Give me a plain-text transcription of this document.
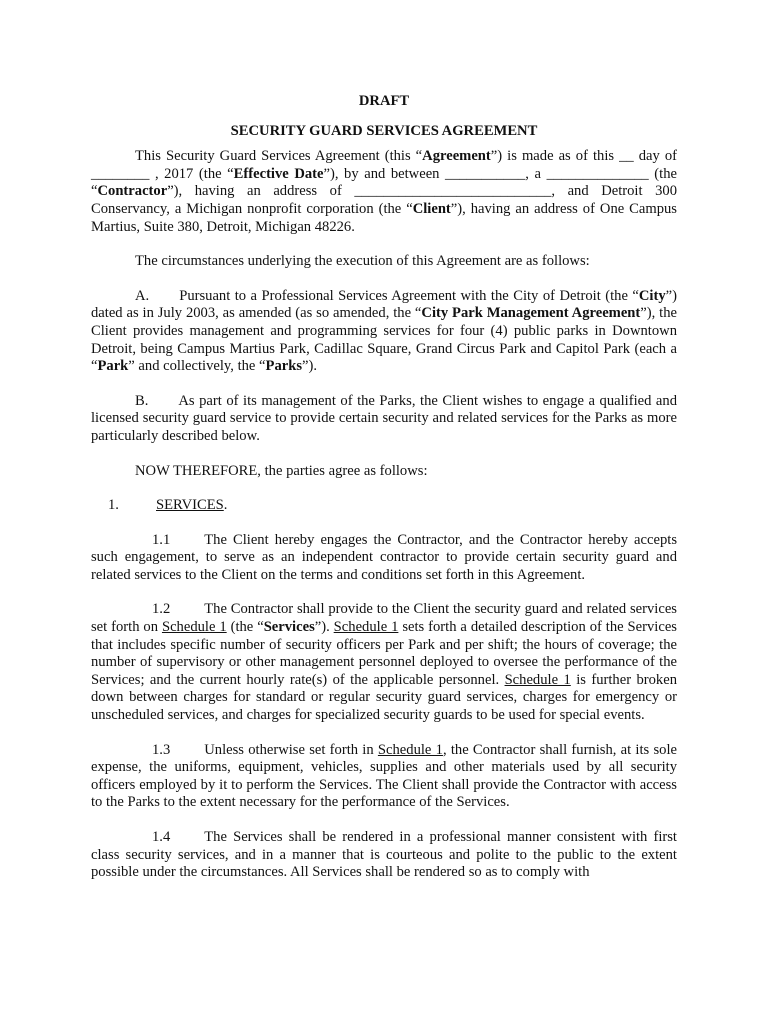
DRAFT
SECURITY GUARD SERVICES AGREEMENT

This Security Guard Services Agreement (this “Agreement”) is made as of this __ day of ________ , 2017 (the “Effective Date”), by and between ___________, a ______________ (the “Contractor”), having an address of ___________________________, and Detroit 300 Conservancy, a Michigan nonprofit corporation (the “Client”), having an address of One Campus Martius, Suite 380, Detroit, Michigan 48226.

The circumstances underlying the execution of this Agreement are as follows:

A. Pursuant to a Professional Services Agreement with the City of Detroit (the “City”) dated as in July 2003, as amended (as so amended, the “City Park Management Agreement”), the Client provides management and programming services for four (4) public parks in Downtown Detroit, being Campus Martius Park, Cadillac Square, Grand Circus Park and Capitol Park (each a “Park” and collectively, the “Parks”).

B. As part of its management of the Parks, the Client wishes to engage a qualified and licensed security guard service to provide certain security and related services for the Parks as more particularly described below.

NOW THEREFORE, the parties agree as follows:

1.	SERVICES.

1.1 The Client hereby engages the Contractor, and the Contractor hereby accepts such engagement, to serve as an independent contractor to provide certain security guard and related services to the Client on the terms and conditions set forth in this Agreement.

1.2 The Contractor shall provide to the Client the security guard and related services set forth on Schedule 1 (the “Services”). Schedule 1 sets forth a detailed description of the Services that includes specific number of security officers per Park and per shift; the hours of coverage; the number of supervisory or other management personnel deployed to oversee the performance of the Services; and the current hourly rate(s) of the applicable personnel. Schedule 1 is further broken down between charges for standard or regular security guard services, charges for emergency or unscheduled services, and charges for specialized security guards to be used for special events.

1.3 Unless otherwise set forth in Schedule 1, the Contractor shall furnish, at its sole expense, the uniforms, equipment, vehicles, supplies and other materials used by all security officers employed by it to perform the Services. The Client shall provide the Contractor with access to the Parks to the extent necessary for the performance of the Services.

1.4 The Services shall be rendered in a professional manner consistent with first class security services, and in a manner that is courteous and polite to the public to the extent possible under the circumstances. All Services shall be rendered so as to comply with
